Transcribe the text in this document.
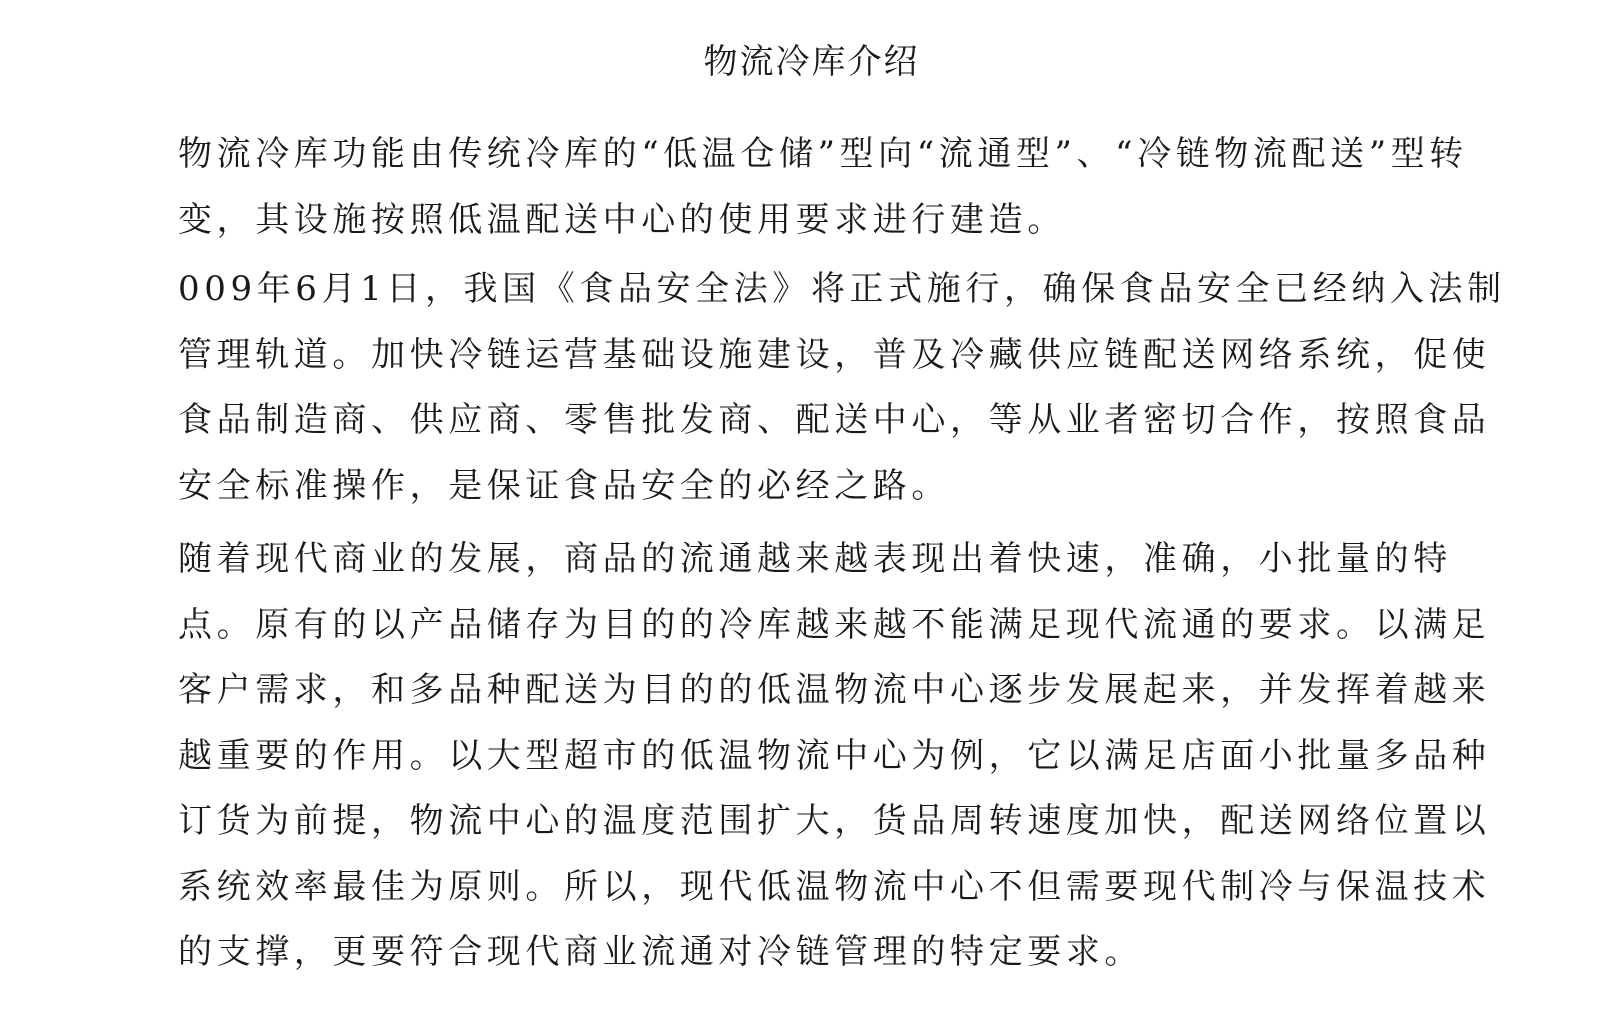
物流冷库介绍

物流冷库功能由传统冷库的“低温仓储”型向“流通型”、“冷链物流配送”型转变，其设施按照低温配送中心的使用要求进行建造。

009年6月1日，我国《食品安全法》将正式施行，确保食品安全已经纳入法制管理轨道。加快冷链运营基础设施建设，普及冷藏供应链配送网络系统，促使食品制造商、供应商、零售批发商、配送中心，等从业者密切合作，按照食品安全标准操作，是保证食品安全的必经之路。

随着现代商业的发展，商品的流通越来越表现出着快速，准确，小批量的特点。原有的以产品储存为目的的冷库越来越不能满足现代流通的要求。以满足客户需求，和多品种配送为目的的低温物流中心逐步发展起来，并发挥着越来越重要的作用。以大型超市的低温物流中心为例，它以满足店面小批量多品种订货为前提，物流中心的温度范围扩大，货品周转速度加快，配送网络位置以系统效率最佳为原则。所以，现代低温物流中心不但需要现代制冷与保温技术的支撑，更要符合现代商业流通对冷链管理的特定要求。
